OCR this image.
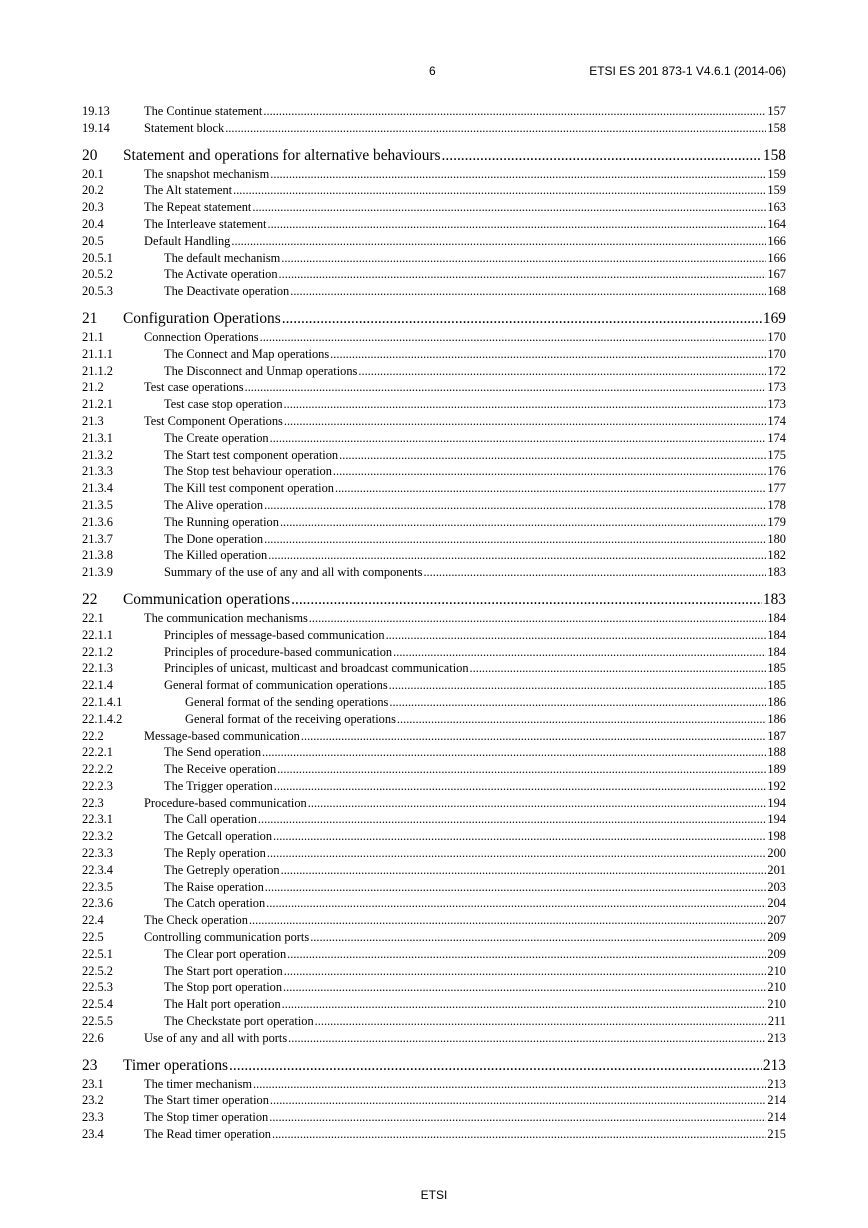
6	ETSI ES 201 873-1 V4.6.1 (2014-06)
19.13	The Continue statement .....	157
19.14	Statement block .....	158
20 Statement and operations for alternative behaviours .....	158
20.1	The snapshot mechanism .....	159
20.2	The Alt statement .....	159
20.3	The Repeat statement .....	163
20.4	The Interleave statement .....	164
20.5	Default Handling .....	166
20.5.1	The default mechanism .....	166
20.5.2	The Activate operation .....	167
20.5.3	The Deactivate operation .....	168
21 Configuration Operations .....	169
21.1	Connection Operations .....	170
21.1.1	The Connect and Map operations .....	170
21.1.2	The Disconnect and Unmap operations .....	172
21.2	Test case operations .....	173
21.2.1	Test case stop operation .....	173
21.3	Test Component Operations .....	174
21.3.1	The Create operation .....	174
21.3.2	The Start test component operation .....	175
21.3.3	The Stop test behaviour operation .....	176
21.3.4	The Kill test component operation .....	177
21.3.5	The Alive operation .....	178
21.3.6	The Running operation .....	179
21.3.7	The Done operation .....	180
21.3.8	The Killed operation .....	182
21.3.9	Summary of the use of any and all with components .....	183
22 Communication operations .....	183
22.1	The communication mechanisms .....	184
22.1.1	Principles of message-based communication .....	184
22.1.2	Principles of procedure-based communication .....	184
22.1.3	Principles of unicast, multicast and broadcast communication .....	185
22.1.4	General format of communication operations .....	185
22.1.4.1	General format of the sending operations .....	186
22.1.4.2	General format of the receiving operations .....	186
22.2	Message-based communication .....	187
22.2.1	The Send operation .....	188
22.2.2	The Receive operation .....	189
22.2.3	The Trigger operation .....	192
22.3	Procedure-based communication .....	194
22.3.1	The Call operation .....	194
22.3.2	The Getcall operation .....	198
22.3.3	The Reply operation .....	200
22.3.4	The Getreply operation .....	201
22.3.5	The Raise operation .....	203
22.3.6	The Catch operation .....	204
22.4	The Check operation .....	207
22.5	Controlling communication ports .....	209
22.5.1	The Clear port operation .....	209
22.5.2	The Start port operation .....	210
22.5.3	The Stop port operation .....	210
22.5.4	The Halt port operation .....	210
22.5.5	The Checkstate port operation .....	211
22.6	Use of any and all with ports .....	213
23 Timer operations .....	213
23.1	The timer mechanism .....	213
23.2	The Start timer operation .....	214
23.3	The Stop timer operation .....	214
23.4	The Read timer operation .....	215
ETSI
